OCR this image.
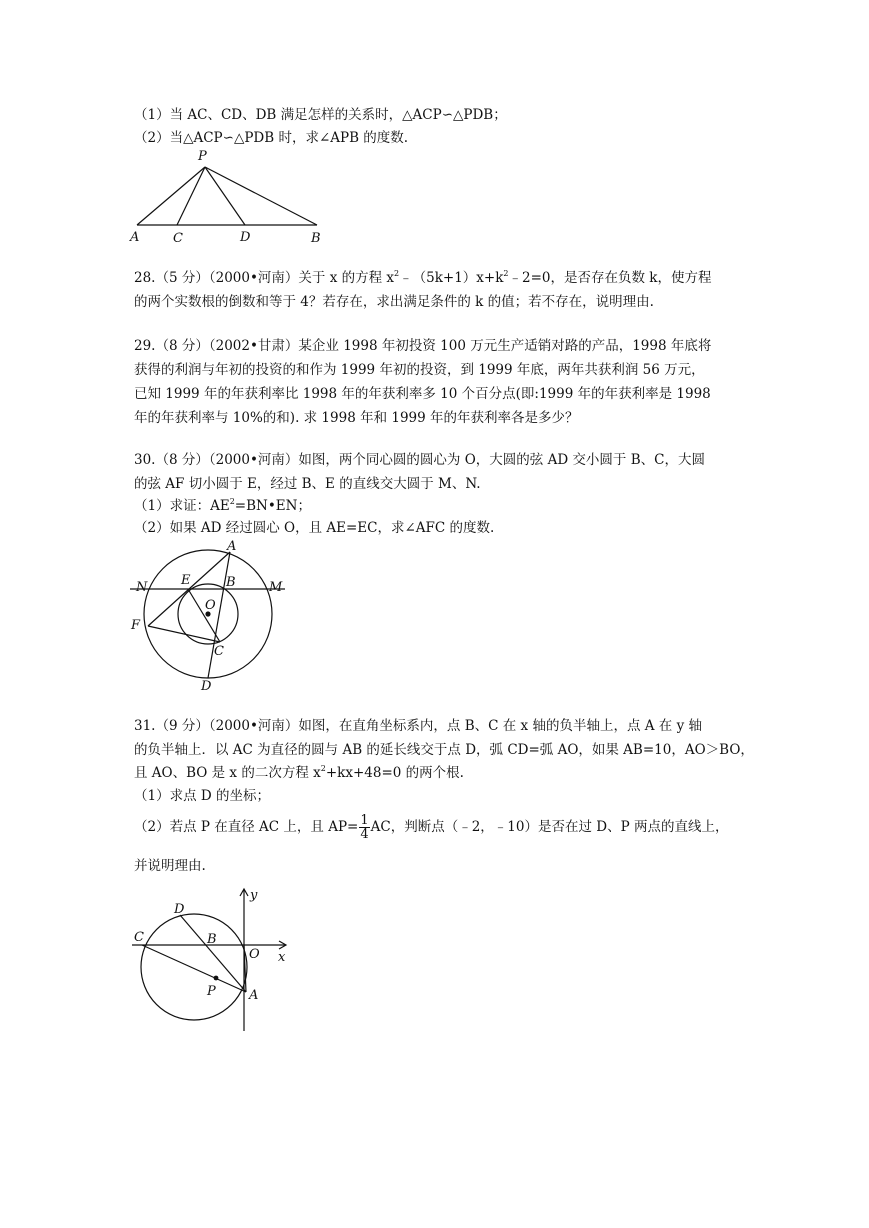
（1）当 AC、CD、DB 满足怎样的关系时，△ACP∽△PDB；
（2）当△ACP∽△PDB 时，求∠APB 的度数.
P
A	C	D	B
28.（5 分）（2000•河南）关于 x 的方程 $x^2﹣(5k+1)x+k^2﹣2=0$，是否存在负数 k，使方程
的两个实数根的倒数和等于 4？若存在，求出满足条件的 k 的值；若不存在，说明理由.
29.（8 分）（2002•甘肃）某企业 1998 年初投资 100 万元生产适销对路的产品，1998 年底将
获得的利润与年初的投资的和作为 1999 年初的投资，到 1999 年底，两年共获利润 56 万元，
已知 1999 年的年获利率比 1998 年的年获利率多 10 个百分点(即:1999 年的年获利率是 1998
年的年获利率与 10%的和). 求 1998 年和 1999 年的年获利率各是多少？
30.（8 分）（2000•河南）如图，两个同心圆的圆心为 O，大圆的弦 AD 交小圆于 B、C，大圆
的弦 AF 切小圆于 E，经过 B、E 的直线交大圆于 M、N.
（1）求证：$AE^2=BN•EN$；
（2）如果 AD 经过圆心 O，且 AE=EC，求∠AFC 的度数.
A
N	E	B	M
O
F
C
D
31.（9 分）（2000•河南）如图，在直角坐标系内，点 B、C 在 x 轴的负半轴上，点 A 在 y 轴
的负半轴上．以 AC 为直径的圆与 AB 的延长线交于点 D，弧 CD=弧 AO，如果 AB=10，AO＞BO，
且 AO、BO 是 x 的二次方程 $x^2+kx+48=0$ 的两个根.
（1）求点 D 的坐标；
（2）若点 P 在直径 AC 上，且 $AP= \frac{1}{4}$ AC，判断点（﹣2，﹣10）是否在过 D、P 两点的直线上，
并说明理由.
y
D
C	B
O x
P	A
